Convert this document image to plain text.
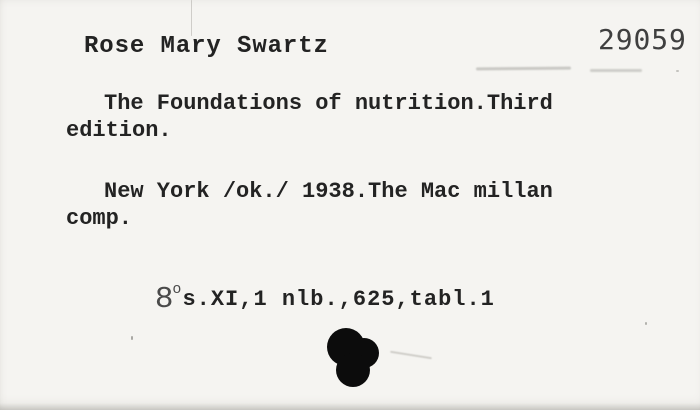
Rose Mary Swartz	29059
The Foundations of nutrition.Third
edition.
New York /ok./ 1938.The Mac millan
comp.

8$^o$s.XI,1 nlb.,625,tabl.1
